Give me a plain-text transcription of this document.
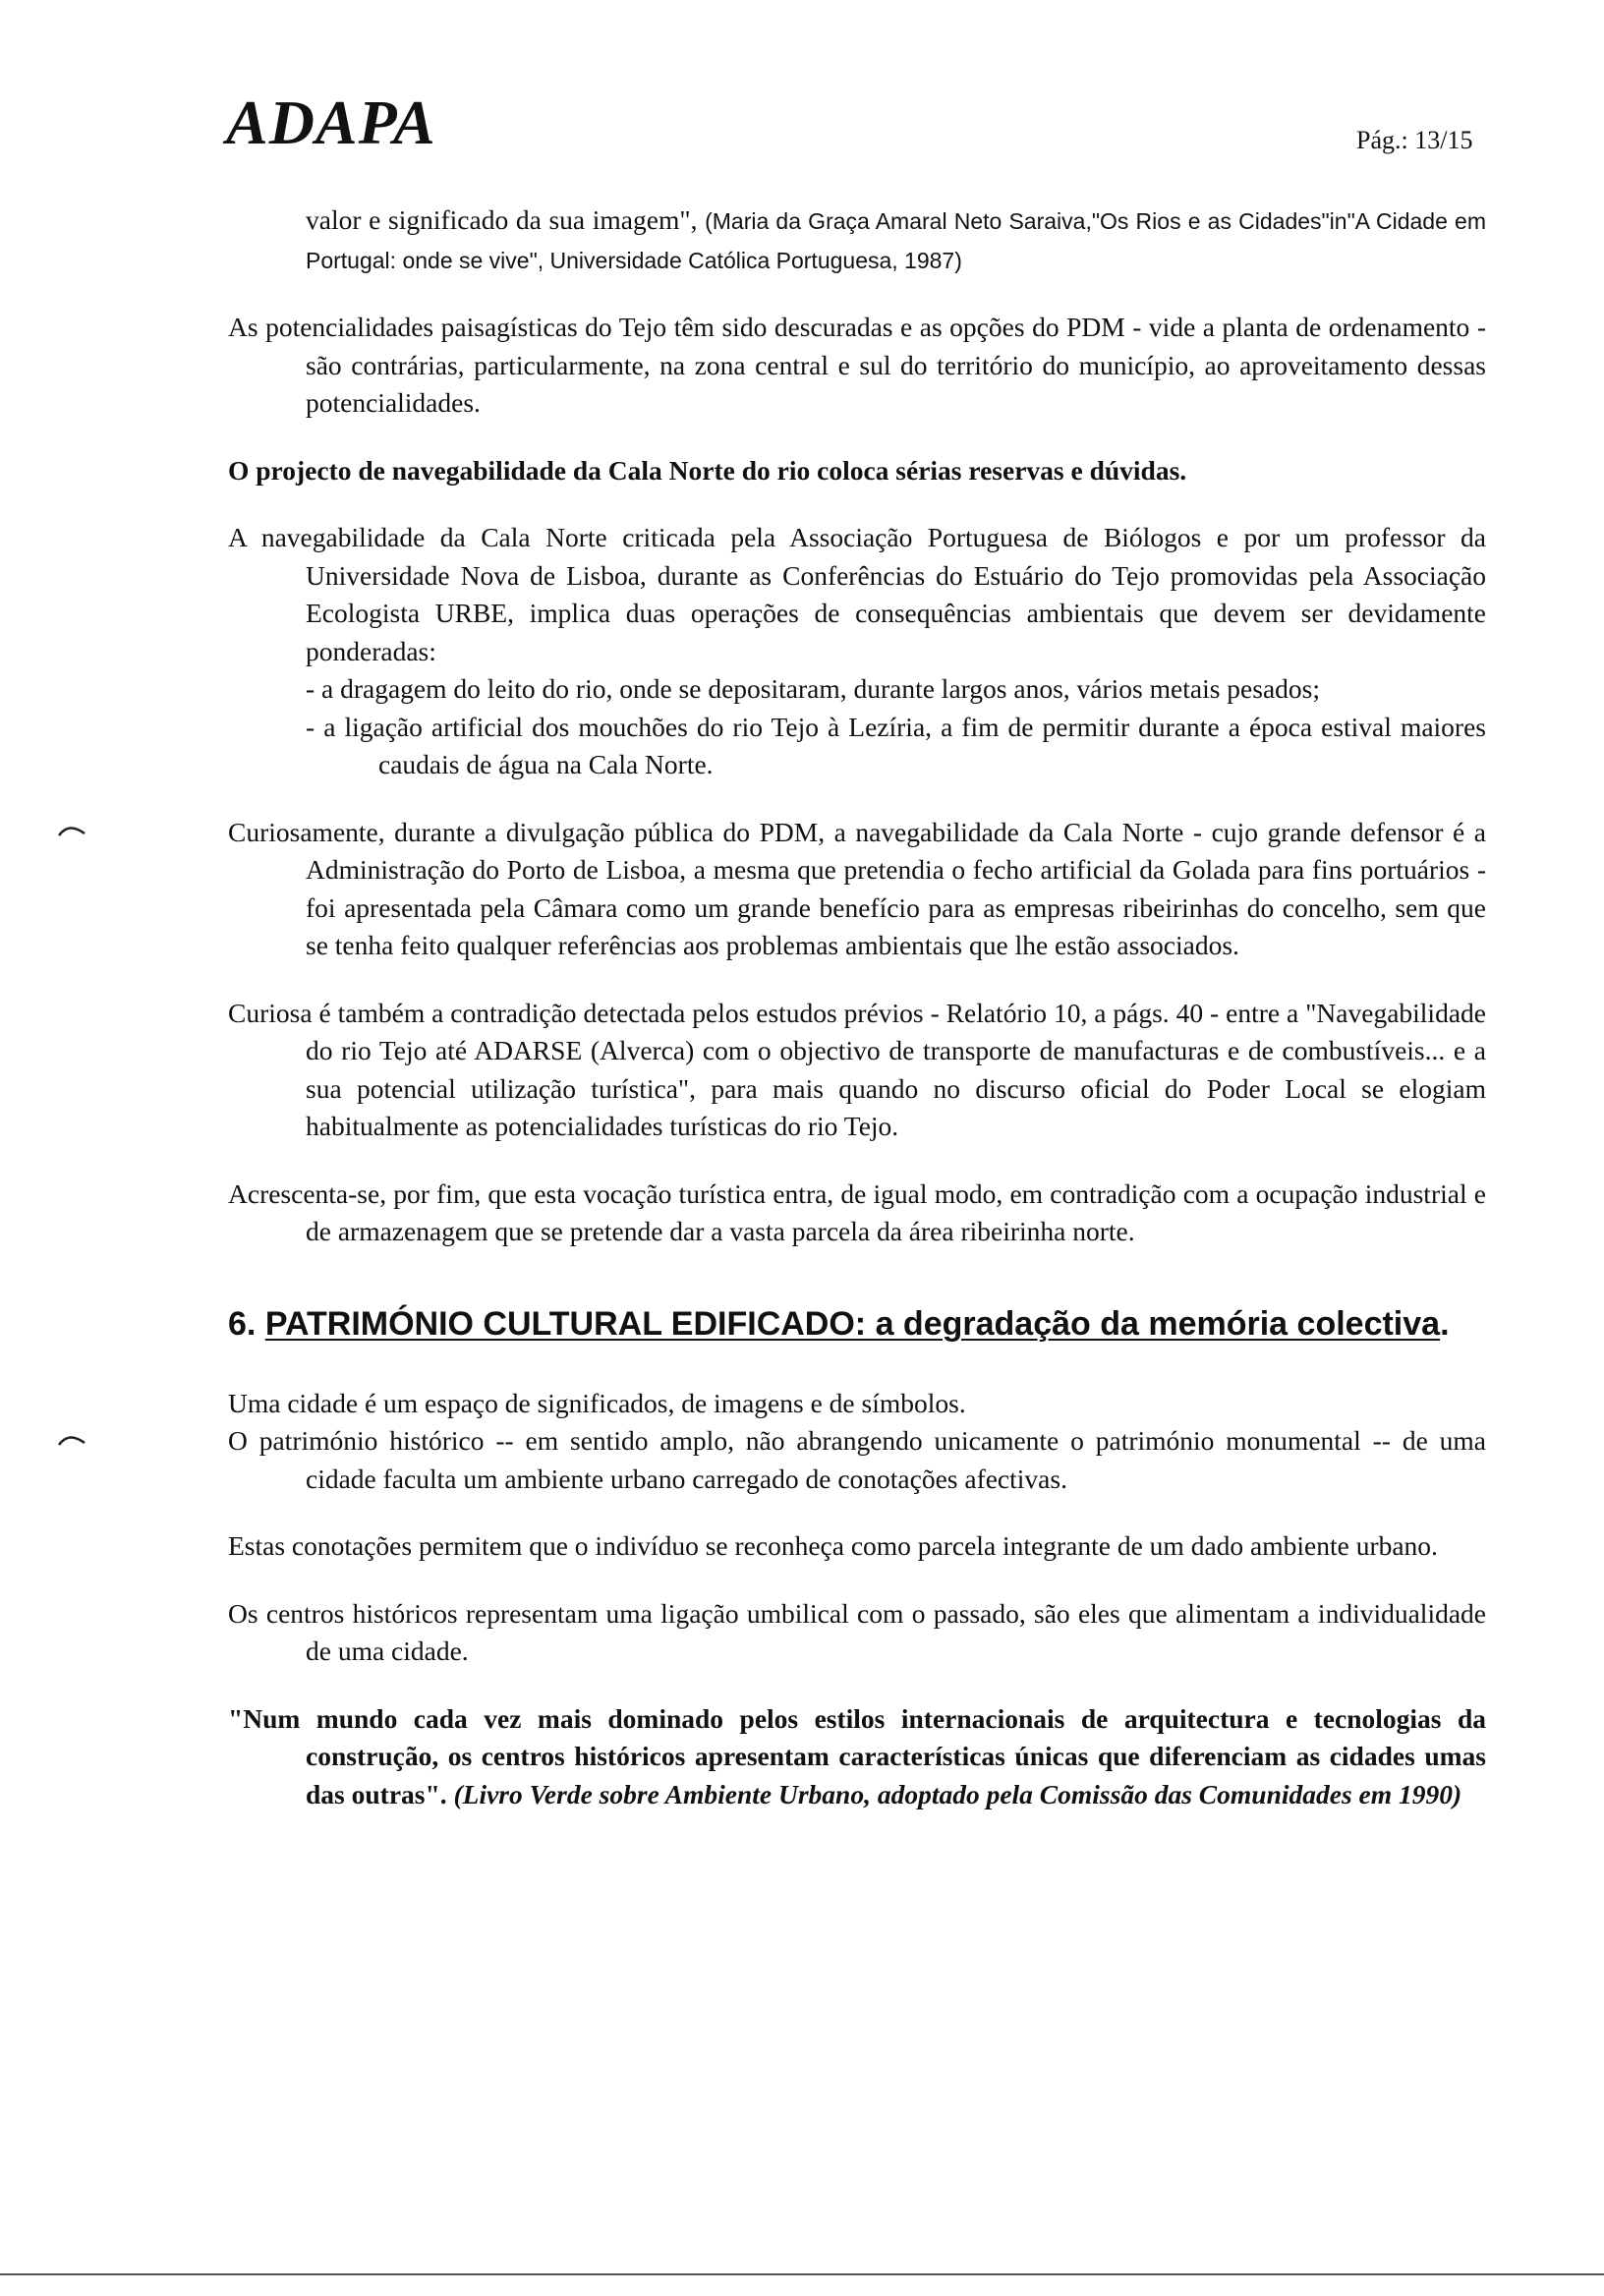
ADAPA	Pág.: 13/15

valor e significado da sua imagem", (Maria da Graça Amaral Neto Saraiva,"Os Rios e as Cidades"in"A Cidade em Portugal: onde se vive", Universidade Católica Portuguesa, 1987)

As potencialidades paisagísticas do Tejo têm sido descuradas e as opções do PDM - vide a planta de ordenamento - são contrárias, particularmente, na zona central e sul do território do município, ao aproveitamento dessas potencialidades.

O projecto de navegabilidade da Cala Norte do rio coloca sérias reservas e dúvidas.

A navegabilidade da Cala Norte criticada pela Associação Portuguesa de Biólogos e por um professor da Universidade Nova de Lisboa, durante as Conferências do Estuário do Tejo promovidas pela Associação Ecologista URBE, implica duas operações de consequências ambientais que devem ser devidamente ponderadas:

- a dragagem do leito do rio, onde se depositaram, durante largos anos, vários metais pesados;
- a ligação artificial dos mouchões do rio Tejo à Lezíria, a fim de permitir durante a época estival maiores caudais de água na Cala Norte.

Curiosamente, durante a divulgação pública do PDM, a navegabilidade da Cala Norte - cujo grande defensor é a Administração do Porto de Lisboa, a mesma que pretendia o fecho artificial da Golada para fins portuários - foi apresentada pela Câmara como um grande benefício para as empresas ribeirinhas do concelho, sem que se tenha feito qualquer referências aos problemas ambientais que lhe estão associados.

Curiosa é também a contradição detectada pelos estudos prévios - Relatório 10, a págs. 40 - entre a "Navegabilidade do rio Tejo até ADARSE (Alverca) com o objectivo de transporte de manufacturas e de combustíveis... e a sua potencial utilização turística", para mais quando no discurso oficial do Poder Local se elogiam habitualmente as potencialidades turísticas do rio Tejo.

Acrescenta-se, por fim, que esta vocação turística entra, de igual modo, em contradição com a ocupação industrial e de armazenagem que se pretende dar a vasta parcela da área ribeirinha norte.

6. PATRIMÓNIO CULTURAL EDIFICADO: a degradação da memória colectiva.

Uma cidade é um espaço de significados, de imagens e de símbolos.

O património histórico -- em sentido amplo, não abrangendo unicamente o património monumental -- de uma cidade faculta um ambiente urbano carregado de conotações afectivas.

Estas conotações permitem que o indivíduo se reconheça como parcela integrante de um dado ambiente urbano.

Os centros históricos representam uma ligação umbilical com o passado, são eles que alimentam a individualidade de uma cidade.

"Num mundo cada vez mais dominado pelos estilos internacionais de arquitectura e tecnologias da construção, os centros históricos apresentam características únicas que diferenciam as cidades umas das outras". (Livro Verde sobre Ambiente Urbano, adoptado pela Comissão das Comunidades em 1990)
